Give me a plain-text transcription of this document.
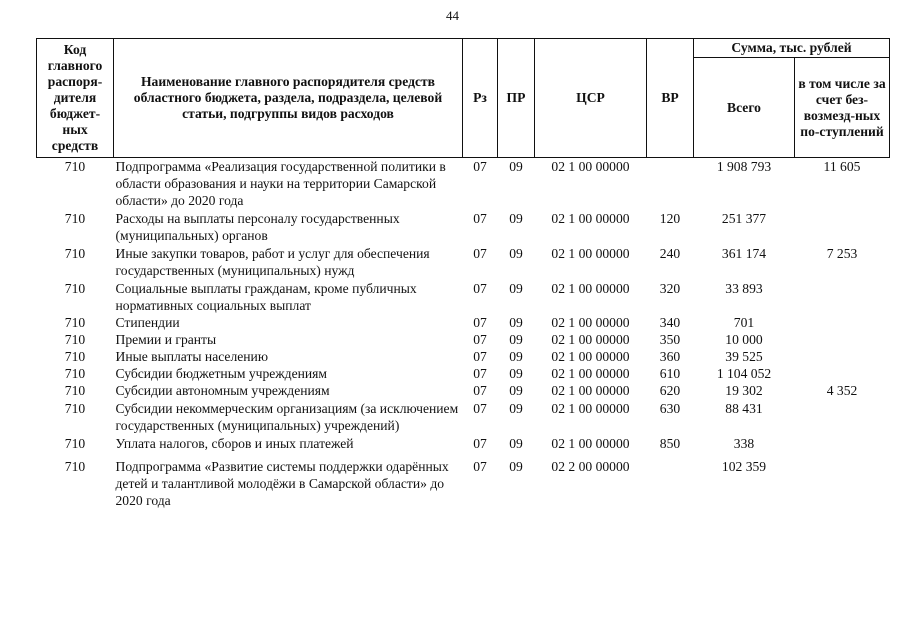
44
Код главного распоря-дителя бюджет-ных средств	Наименование главного распорядителя средств областного бюджета, раздела, подраздела, целевой статьи, подгруппы видов расходов	Рз	ПР	ЦСР	ВР	Сумма, тыс. рублей	
						Всего	в том числе за счет без-возмезд-ных по-ступлений
710	Подпрограмма «Реализация государственной политики в области образования и науки на территории Самарской области» до 2020 года	07	09	02 1 00 00000		1 908 793	11 605
710	Расходы на выплаты персоналу государственных (муниципальных) органов	07	09	02 1 00 00000	120	251 377	
710	Иные закупки товаров, работ и услуг для обеспечения государственных (муниципальных) нужд	07	09	02 1 00 00000	240	361 174	7 253
710	Социальные выплаты гражданам, кроме публичных нормативных социальных выплат	07	09	02 1 00 00000	320	33 893	
710	Стипендии	07	09	02 1 00 00000	340	701	
710	Премии и гранты	07	09	02 1 00 00000	350	10 000	
710	Иные выплаты населению	07	09	02 1 00 00000	360	39 525	
710	Субсидии бюджетным учреждениям	07	09	02 1 00 00000	610	1 104 052	
710	Субсидии автономным учреждениям	07	09	02 1 00 00000	620	19 302	4 352
710	Субсидии некоммерческим организациям (за исключением государственных (муниципальных) учреждений)	07	09	02 1 00 00000	630	88 431	
710	Уплата налогов, сборов и иных платежей	07	09	02 1 00 00000	850	338	
710	Подпрограмма «Развитие системы поддержки одарённых детей и талантливой молодёжи в Самарской области» до 2020 года	07	09	02 2 00 00000		102 359	
